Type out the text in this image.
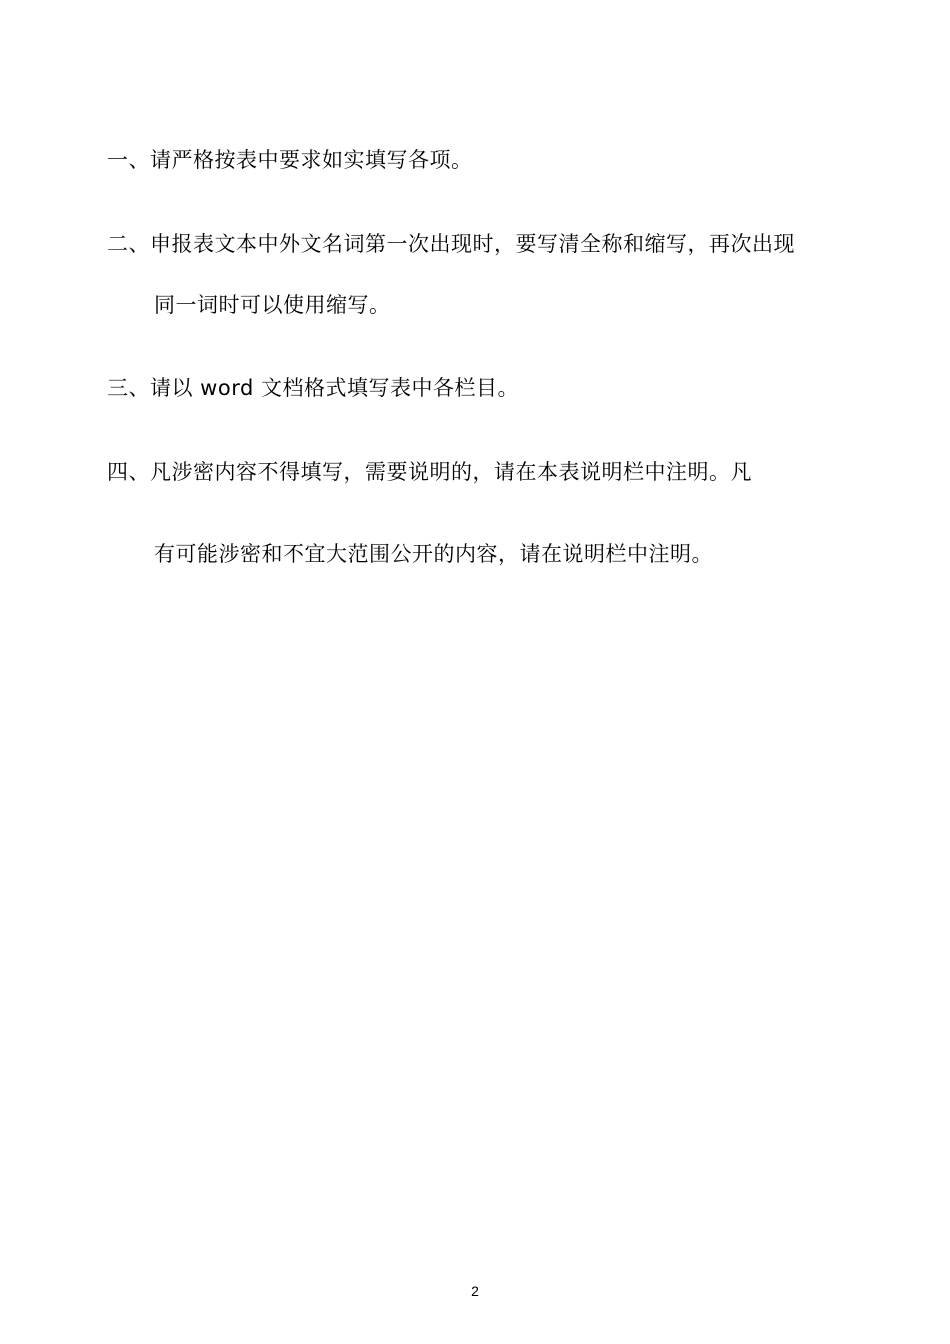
一、请严格按表中要求如实填写各项。
二、申报表文本中外文名词第一次出现时，要写清全称和缩写，再次出现
同一词时可以使用缩写。
三、请以 word 文档格式填写表中各栏目。
四、凡涉密内容不得填写，需要说明的，请在本表说明栏中注明。凡
有可能涉密和不宜大范围公开的内容，请在说明栏中注明。
2
